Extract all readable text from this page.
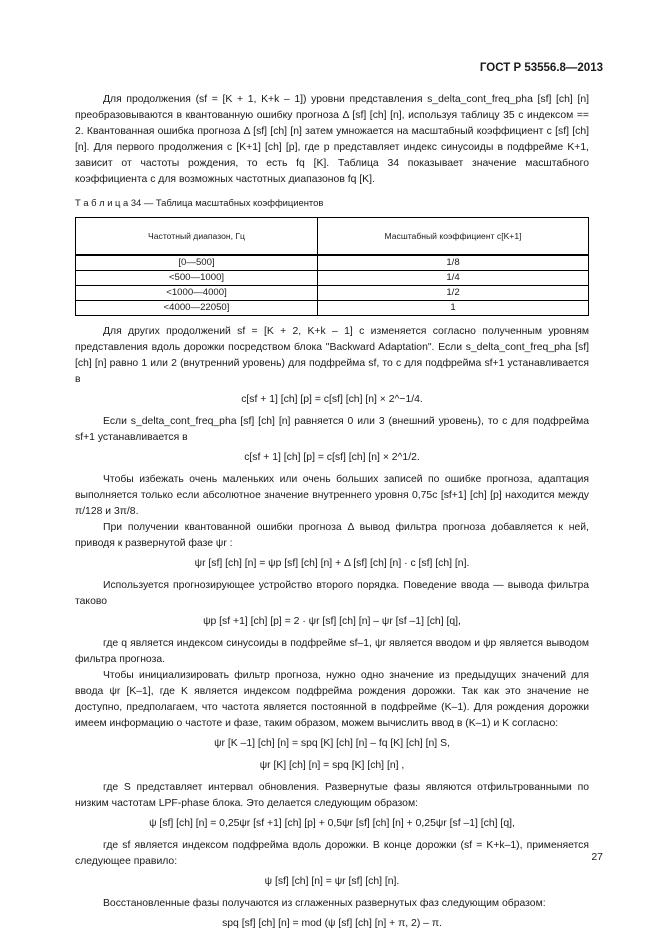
ГОСТ Р 53556.8—2013

Для продолжения (sf = [K + 1, K+k – 1]) уровни представления s_delta_cont_freq_pha [sf] [ch] [n] преобразовываются в квантованную ошибку прогноза Δ [sf] [ch] [n], используя таблицу 35 с индексом == 2. Квантованная ошибка прогноза Δ [sf] [ch] [n] затем умножается на масштабный коэффициент c [sf] [ch] [n]. Для первого продолжения с [K+1] [ch] [p], где p представляет индекс синусоиды в подфрейме K+1, зависит от частоты рождения, то есть fq [K]. Таблица 34 показывает значение масштабного коэффициента c для возможных частотных диапазонов fq [K].

Т а б л и ц а 34 — Таблица масштабных коэффициентов

Частотный диапазон, Гц	Масштабный коэффициент c[K+1]
[0—500]	1/8
<500—1000]	1/4
<1000—4000]	1/2
<4000—22050]	1

Для других продолжений sf = [K + 2, K+k – 1] c изменяется согласно полученным уровням представления вдоль дорожки посредством блока "Backward Adaptation". Если s_delta_cont_freq_pha [sf] [ch] [n] равно 1 или 2 (внутренний уровень) для подфрейма sf, то c для подфрейма sf+1 устанавливается в

c[sf + 1] [ch] [p] = c[sf] [ch] [n] × 2^−1/4.

Если s_delta_cont_freq_pha [sf] [ch] [n] равняется 0 или 3 (внешний уровень), то c для подфрейма sf+1 устанавливается в

c[sf + 1] [ch] [p] = c[sf] [ch] [n] × 2^1/2.

Чтобы избежать очень маленьких или очень больших записей по ошибке прогноза, адаптация выполняется только если абсолютное значение внутреннего уровня 0,75c [sf+1] [ch] [p] находится между π/128 и 3π/8.

При получении квантованной ошибки прогноза Δ вывод фильтра прогноза добавляется к ней, приводя к развернутой фазе ψr :

ψr [sf] [ch] [n] = ψp [sf] [ch] [n] + Δ [sf] [ch] [n] · c [sf] [ch] [n].

Используется прогнозирующее устройство второго порядка. Поведение ввода — вывода фильтра таково

ψp [sf +1] [ch] [p] = 2 · ψr [sf] [ch] [n] – ψr [sf –1] [ch] [q],

где q является индексом синусоиды в подфрейме sf–1, ψr является вводом и ψp является выводом фильтра прогноза.

Чтобы инициализировать фильтр прогноза, нужно одно значение из предыдущих значений для ввода ψr [K–1], где K является индексом подфрейма рождения дорожки. Так как это значение не доступно, предполагаем, что частота является постоянной в подфрейме (K–1). Для рождения дорожки имеем информацию о частоте и фазе, таким образом, можем вычислить ввод в (K–1) и K согласно:

ψr [K –1] [ch] [n] = spq [K] [ch] [n] – fq [K] [ch] [n] S,

ψr [K] [ch] [n] = spq [K] [ch] [n] ,

где S представляет интервал обновления. Развернутые фазы являются отфильтрованными по низким частотам LPF-phase блока. Это делается следующим образом:

ψ [sf] [ch] [n] = 0,25ψr [sf +1] [ch] [p] + 0,5ψr [sf] [ch] [n] + 0,25ψr [sf –1] [ch] [q],

где sf является индексом подфрейма вдоль дорожки. В конце дорожки (sf = K+k–1), применяется следующее правило:

ψ [sf] [ch] [n] = ψr [sf] [ch] [n].

Восстановленные фазы получаются из сглаженных развернутых фаз следующим образом:

spq [sf] [ch] [n] = mod (ψ [sf] [ch] [n] + π, 2) – π.

27
